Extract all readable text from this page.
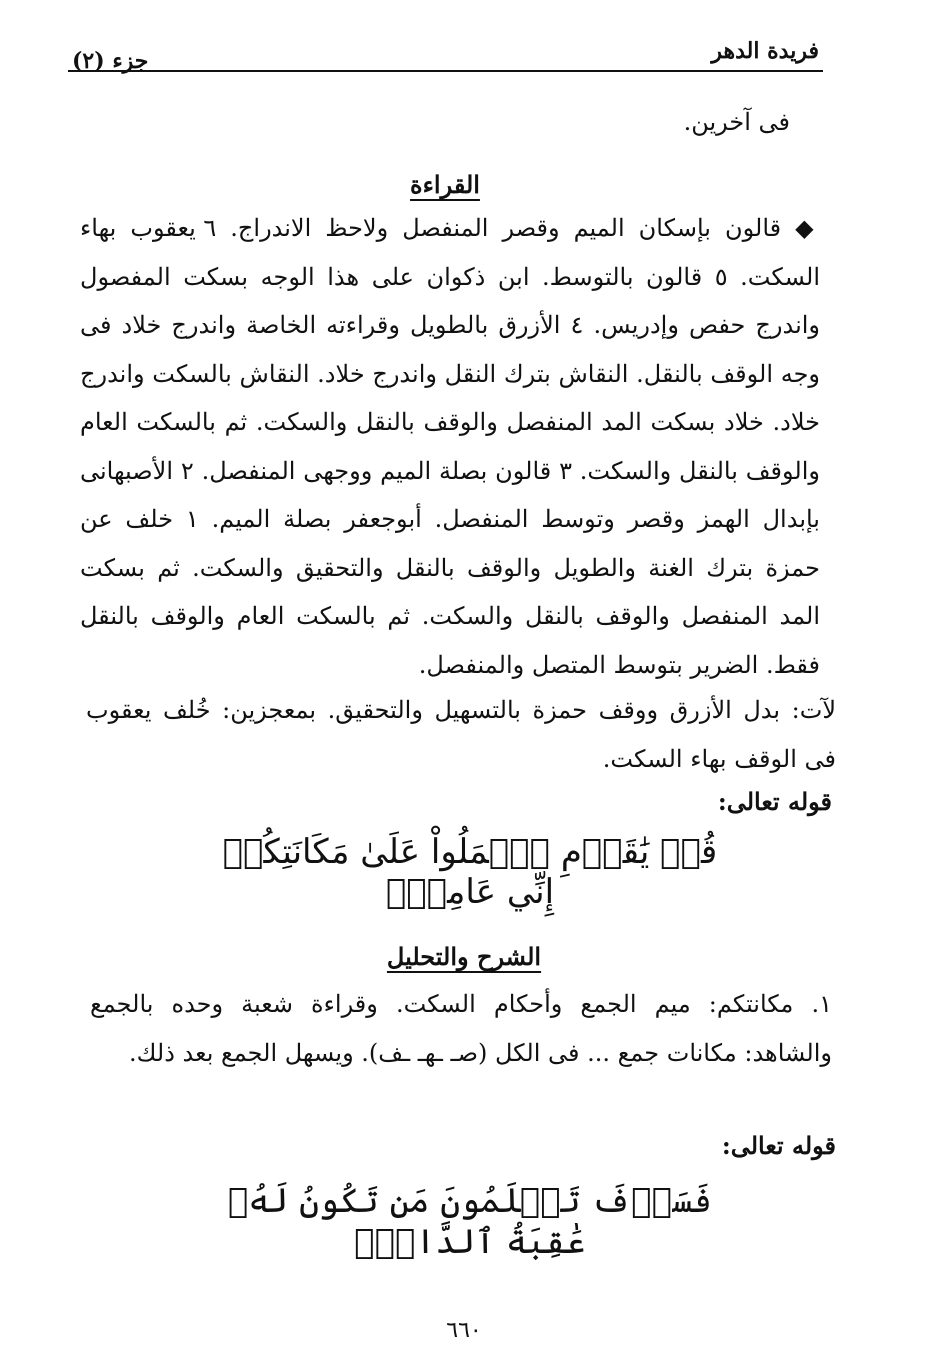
فريدة الدهر
جزء (٢)
فى آخرين.
القراءة
◆ قالون بإسكان الميم وقصر المنفصل ولاحظ الاندراج. ٦ يعقوب بهاء السكت. ٥ قالون بالتوسط. ابن ذكوان على هذا الوجه بسكت المفصول واندرج حفص وإدريس. ٤ الأزرق بالطويل وقراءته الخاصة واندرج خلاد فى وجه الوقف بالنقل. النقاش بترك النقل واندرج خلاد. النقاش بالسكت واندرج خلاد. خلاد بسكت المد المنفصل والوقف بالنقل والسكت. ثم بالسكت العام والوقف بالنقل والسكت. ٣ قالون بصلة الميم ووجهى المنفصل. ٢ الأصبهانى بإبدال الهمز وقصر وتوسط المنفصل. أبوجعفر بصلة الميم. ١ خلف عن حمزة بترك الغنة والطويل والوقف بالنقل والتحقيق والسكت. ثم بسكت المد المنفصل والوقف بالنقل والسكت. ثم بالسكت العام والوقف بالنقل فقط. الضرير بتوسط المتصل والمنفصل.
لآت: بدل الأزرق ووقف حمزة بالتسهيل والتحقيق. بمعجزين: خُلف يعقوب فى الوقف بهاء السكت.
قوله تعالى:
قُلۡ يَٰقَوۡمِ ٱعۡمَلُواْ عَلَىٰ مَكَانَتِكُمۡ إِنِّي عَامِلٞۖ
الشرح والتحليل
١. مكانتكم: ميم الجمع وأحكام السكت. وقراءة شعبة وحده بالجمع والشاهد: مكانات جمع ... فى الكل (صـ ـهـ ـف). ويسهل الجمع بعد ذلك.
قوله تعالى:
فَسَوۡفَ تَعۡلَمُونَ مَن تَكُونُ لَهُۥ عَٰقِبَةُ ٱلدَّارِۚ
٦٦٠
